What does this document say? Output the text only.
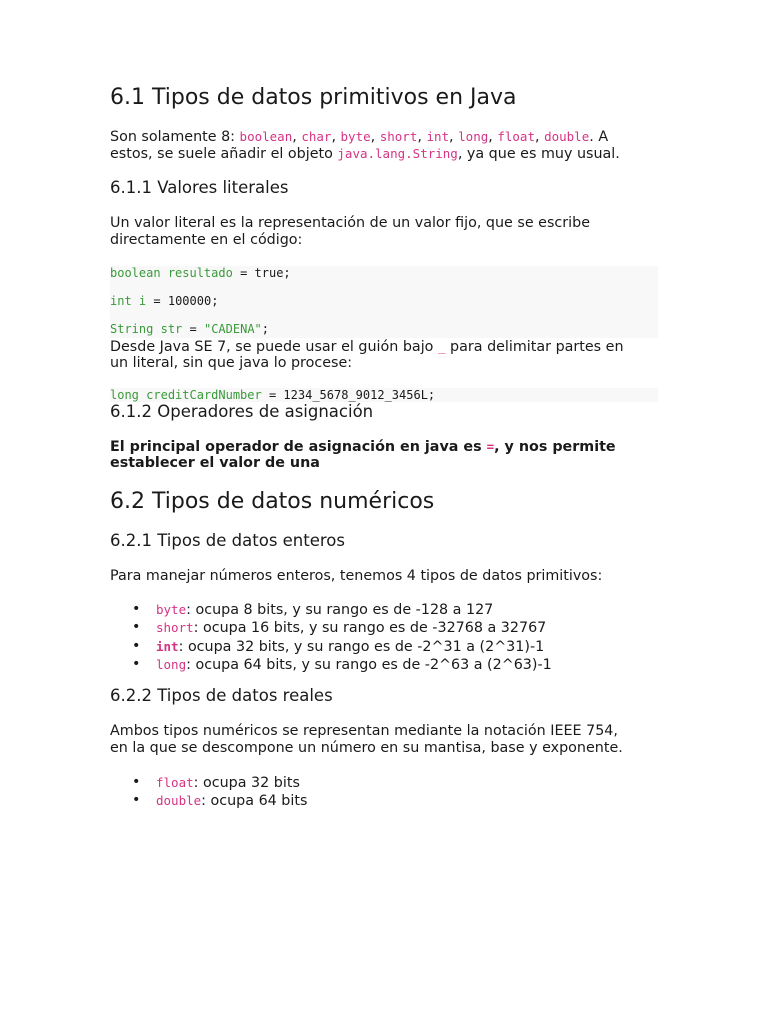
6.1 Tipos de datos primitivos en Java

Son solamente 8: boolean, char, byte, short, int, long, float, double. A

estos, se suele añadir el objeto java.lang.String, ya que es muy usual.

6.1.1 Valores literales

Un valor literal es la representación de un valor fijo, que se escribe

directamente en el código:

boolean resultado = true;
int i = 100000;
String str = "CADENA";

Desde Java SE 7, se puede usar el guión bajo _ para delimitar partes en

un literal, sin que java lo procese:

long creditCardNumber = 1234_5678_9012_3456L;
6.1.2 Operadores de asignación

El principal operador de asignación en java es =, y nos permite

establecer el valor de una

6.2 Tipos de datos numéricos
6.2.1 Tipos de datos enteros

Para manejar números enteros, tenemos 4 tipos de datos primitivos:

• byte: ocupa 8 bits, y su rango es de -128 a 127
• short: ocupa 16 bits, y su rango es de -32768 a 32767
• int: ocupa 32 bits, y su rango es de -2^31 a (2^31)-1
• long: ocupa 64 bits, y su rango es de -2^63 a (2^63)-1
6.2.2 Tipos de datos reales

Ambos tipos numéricos se representan mediante la notación IEEE 754,

en la que se descompone un número en su mantisa, base y exponente.

• float: ocupa 32 bits
• double: ocupa 64 bits
